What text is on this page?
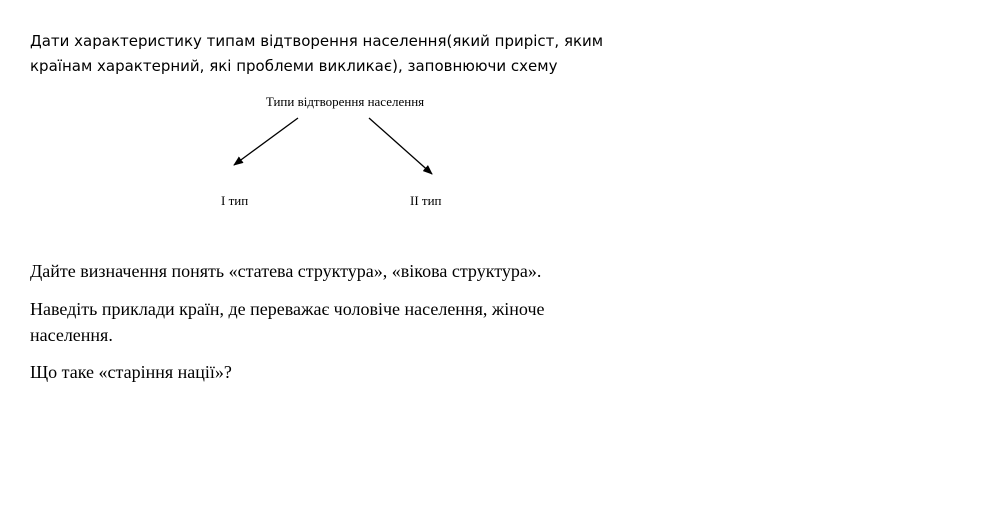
Дати характеристику типам відтворення населення(який приріст, яким країнам характерний, які проблеми викликає), заповнюючи схему

Типи відтворення населення

I тип	II тип

Дайте визначення понять «статева структура», «вікова структура».

Наведіть приклади країн, де переважає чоловіче населення, жіноче населення.

Що таке «старіння нації»?
